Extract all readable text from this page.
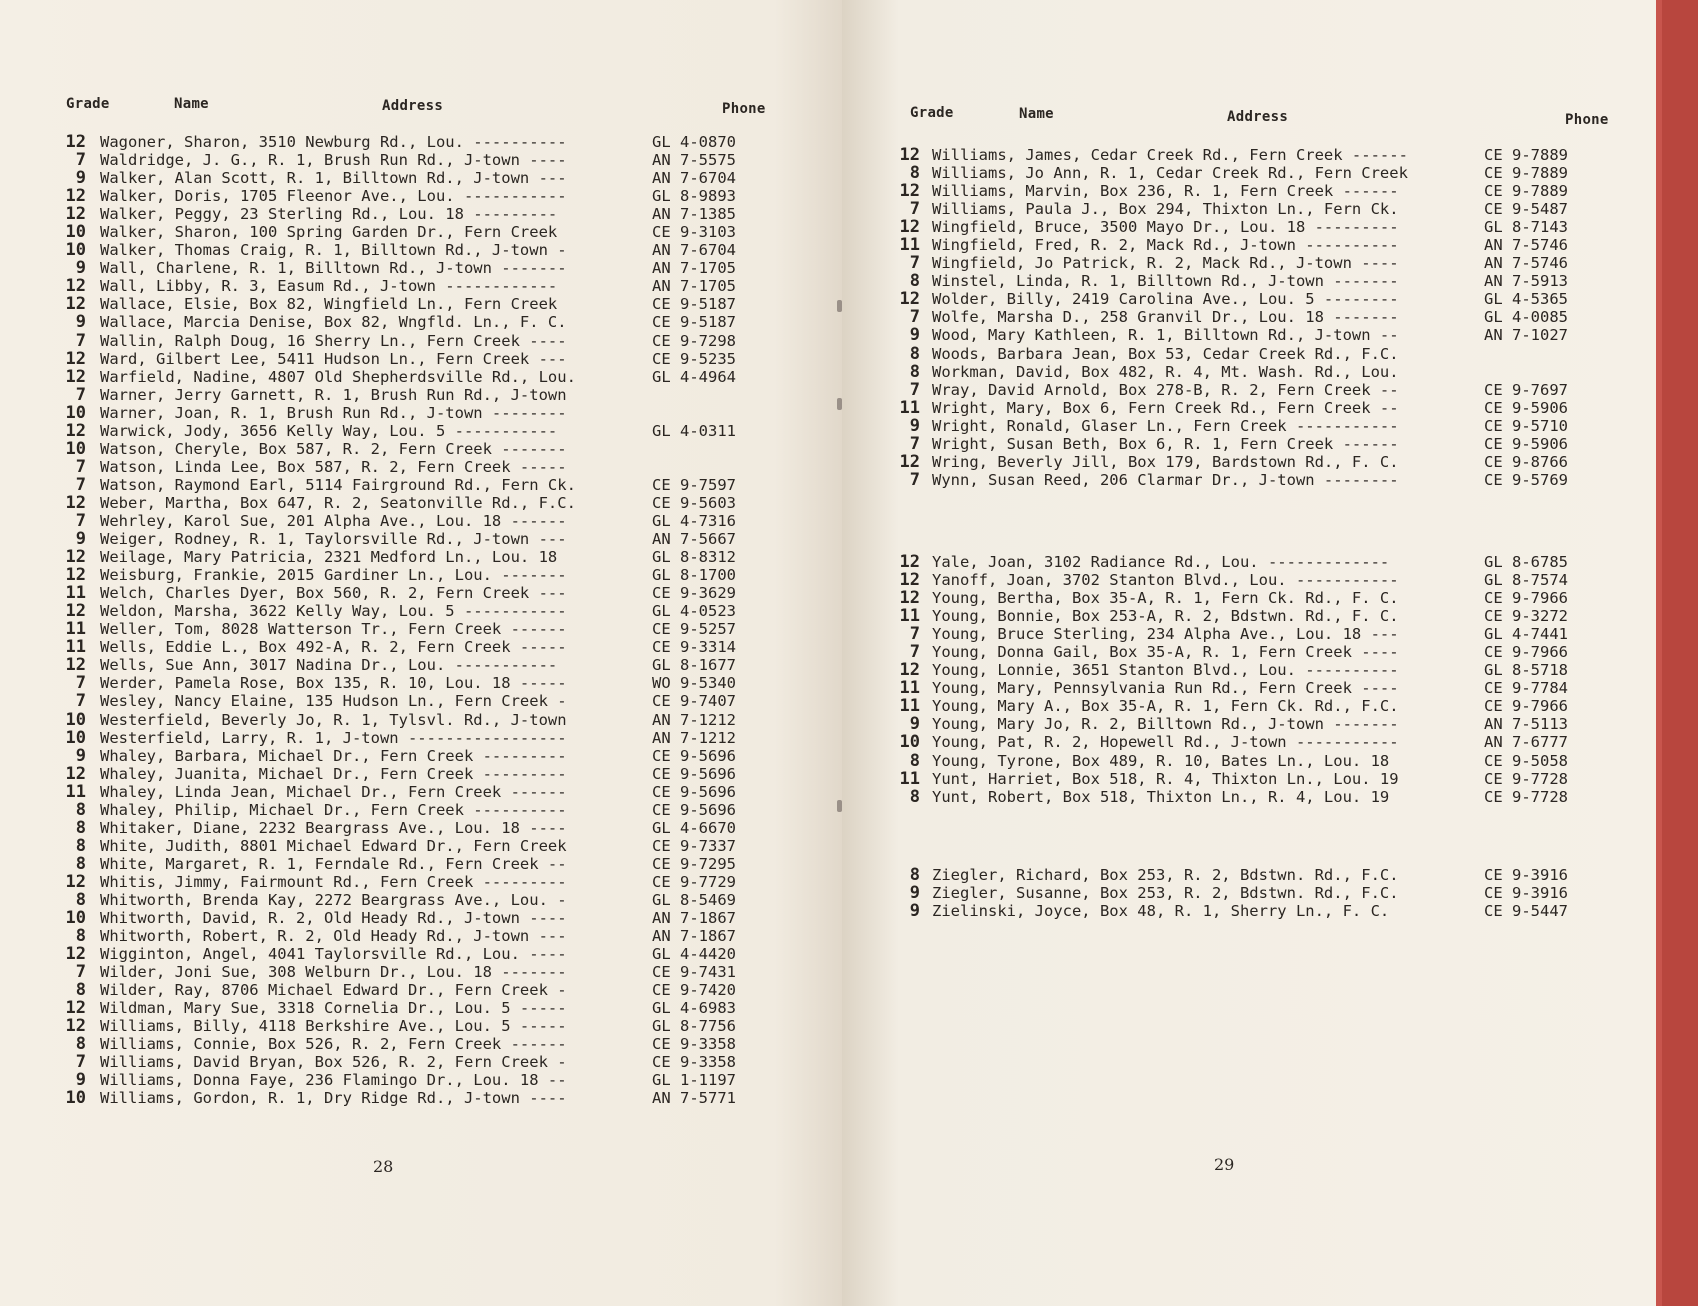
Grade	Name	Address	Phone
12 Wagoner, Sharon, 3510 Newburg Rd., Lou. ----------	GL 4-0870
7 Waldridge, J. G., R. 1, Brush Run Rd., J-town ----	AN 7-5575
9 Walker, Alan Scott, R. 1, Billtown Rd., J-town ---	AN 7-6704
12 Walker, Doris, 1705 Fleenor Ave., Lou. -----------	GL 8-9893
12 Walker, Peggy, 23 Sterling Rd., Lou. 18 ---------	AN 7-1385
10 Walker, Sharon, 100 Spring Garden Dr., Fern Creek	CE 9-3103
10 Walker, Thomas Craig, R. 1, Billtown Rd., J-town -	AN 7-6704
9 Wall, Charlene, R. 1, Billtown Rd., J-town -------	AN 7-1705
12 Wall, Libby, R. 3, Easum Rd., J-town ------------	AN 7-1705
12 Wallace, Elsie, Box 82, Wingfield Ln., Fern Creek	CE 9-5187
9 Wallace, Marcia Denise, Box 82, Wngfld. Ln., F. C.	CE 9-5187
7 Wallin, Ralph Doug, 16 Sherry Ln., Fern Creek ----	CE 9-7298
12 Ward, Gilbert Lee, 5411 Hudson Ln., Fern Creek ---	CE 9-5235
12 Warfield, Nadine, 4807 Old Shepherdsville Rd., Lou.	GL 4-4964
7 Warner, Jerry Garnett, R. 1, Brush Run Rd., J-town
10 Warner, Joan, R. 1, Brush Run Rd., J-town --------
12 Warwick, Jody, 3656 Kelly Way, Lou. 5 -----------	GL 4-0311
10 Watson, Cheryle, Box 587, R. 2, Fern Creek -------
7 Watson, Linda Lee, Box 587, R. 2, Fern Creek -----
7 Watson, Raymond Earl, 5114 Fairground Rd., Fern Ck.	CE 9-7597
12 Weber, Martha, Box 647, R. 2, Seatonville Rd., F.C.	CE 9-5603
7 Wehrley, Karol Sue, 201 Alpha Ave., Lou. 18 ------	GL 4-7316
9 Weiger, Rodney, R. 1, Taylorsville Rd., J-town ---	AN 7-5667
12 Weilage, Mary Patricia, 2321 Medford Ln., Lou. 18	GL 8-8312
12 Weisburg, Frankie, 2015 Gardiner Ln., Lou. -------	GL 8-1700
11 Welch, Charles Dyer, Box 560, R. 2, Fern Creek ---	CE 9-3629
12 Weldon, Marsha, 3622 Kelly Way, Lou. 5 -----------	GL 4-0523
11 Weller, Tom, 8028 Watterson Tr., Fern Creek ------	CE 9-5257
11 Wells, Eddie L., Box 492-A, R. 2, Fern Creek -----	CE 9-3314
12 Wells, Sue Ann, 3017 Nadina Dr., Lou. -----------	GL 8-1677
7 Werder, Pamela Rose, Box 135, R. 10, Lou. 18 -----	WO 9-5340
7 Wesley, Nancy Elaine, 135 Hudson Ln., Fern Creek -	CE 9-7407
10 Westerfield, Beverly Jo, R. 1, Tylsvl. Rd., J-town	AN 7-1212
10 Westerfield, Larry, R. 1, J-town -----------------	AN 7-1212
9 Whaley, Barbara, Michael Dr., Fern Creek ---------	CE 9-5696
12 Whaley, Juanita, Michael Dr., Fern Creek ---------	CE 9-5696
11 Whaley, Linda Jean, Michael Dr., Fern Creek ------	CE 9-5696
8 Whaley, Philip, Michael Dr., Fern Creek ----------	CE 9-5696
8 Whitaker, Diane, 2232 Beargrass Ave., Lou. 18 ----	GL 4-6670
8 White, Judith, 8801 Michael Edward Dr., Fern Creek	CE 9-7337
8 White, Margaret, R. 1, Ferndale Rd., Fern Creek --	CE 9-7295
12 Whitis, Jimmy, Fairmount Rd., Fern Creek ---------	CE 9-7729
8 Whitworth, Brenda Kay, 2272 Beargrass Ave., Lou. -	GL 8-5469
10 Whitworth, David, R. 2, Old Heady Rd., J-town ----	AN 7-1867
8 Whitworth, Robert, R. 2, Old Heady Rd., J-town ---	AN 7-1867
12 Wigginton, Angel, 4041 Taylorsville Rd., Lou. ----	GL 4-4420
7 Wilder, Joni Sue, 308 Welburn Dr., Lou. 18 -------	CE 9-7431
8 Wilder, Ray, 8706 Michael Edward Dr., Fern Creek -	CE 9-7420
12 Wildman, Mary Sue, 3318 Cornelia Dr., Lou. 5 -----	GL 4-6983
12 Williams, Billy, 4118 Berkshire Ave., Lou. 5 -----	GL 8-7756
8 Williams, Connie, Box 526, R. 2, Fern Creek ------	CE 9-3358
7 Williams, David Bryan, Box 526, R. 2, Fern Creek -	CE 9-3358
9 Williams, Donna Faye, 236 Flamingo Dr., Lou. 18 --	GL 1-1197
10 Williams, Gordon, R. 1, Dry Ridge Rd., J-town ----	AN 7-5771
28
Grade	Name	Address	Phone
12 Williams, James, Cedar Creek Rd., Fern Creek ------	CE 9-7889
8 Williams, Jo Ann, R. 1, Cedar Creek Rd., Fern Creek	CE 9-7889
12 Williams, Marvin, Box 236, R. 1, Fern Creek ------	CE 9-7889
7 Williams, Paula J., Box 294, Thixton Ln., Fern Ck.	CE 9-5487
12 Wingfield, Bruce, 3500 Mayo Dr., Lou. 18 ---------	GL 8-7143
11 Wingfield, Fred, R. 2, Mack Rd., J-town ----------	AN 7-5746
7 Wingfield, Jo Patrick, R. 2, Mack Rd., J-town ----	AN 7-5746
8 Winstel, Linda, R. 1, Billtown Rd., J-town -------	AN 7-5913
12 Wolder, Billy, 2419 Carolina Ave., Lou. 5 --------	GL 4-5365
7 Wolfe, Marsha D., 258 Granvil Dr., Lou. 18 -------	GL 4-0085
9 Wood, Mary Kathleen, R. 1, Billtown Rd., J-town --	AN 7-1027
8 Woods, Barbara Jean, Box 53, Cedar Creek Rd., F.C.
8 Workman, David, Box 482, R. 4, Mt. Wash. Rd., Lou.
7 Wray, David Arnold, Box 278-B, R. 2, Fern Creek --	CE 9-7697
11 Wright, Mary, Box 6, Fern Creek Rd., Fern Creek --	CE 9-5906
9 Wright, Ronald, Glaser Ln., Fern Creek -----------	CE 9-5710
7 Wright, Susan Beth, Box 6, R. 1, Fern Creek ------	CE 9-5906
12 Wring, Beverly Jill, Box 179, Bardstown Rd., F. C.	CE 9-8766
7 Wynn, Susan Reed, 206 Clarmar Dr., J-town --------	CE 9-5769
12 Yale, Joan, 3102 Radiance Rd., Lou. -------------	GL 8-6785
12 Yanoff, Joan, 3702 Stanton Blvd., Lou. -----------	GL 8-7574
12 Young, Bertha, Box 35-A, R. 1, Fern Ck. Rd., F. C.	CE 9-7966
11 Young, Bonnie, Box 253-A, R. 2, Bdstwn. Rd., F. C.	CE 9-3272
7 Young, Bruce Sterling, 234 Alpha Ave., Lou. 18 ---	GL 4-7441
7 Young, Donna Gail, Box 35-A, R. 1, Fern Creek ----	CE 9-7966
12 Young, Lonnie, 3651 Stanton Blvd., Lou. ----------	GL 8-5718
11 Young, Mary, Pennsylvania Run Rd., Fern Creek ----	CE 9-7784
11 Young, Mary A., Box 35-A, R. 1, Fern Ck. Rd., F.C.	CE 9-7966
9 Young, Mary Jo, R. 2, Billtown Rd., J-town -------	AN 7-5113
10 Young, Pat, R. 2, Hopewell Rd., J-town -----------	AN 7-6777
8 Young, Tyrone, Box 489, R. 10, Bates Ln., Lou. 18	CE 9-5058
11 Yunt, Harriet, Box 518, R. 4, Thixton Ln., Lou. 19	CE 9-7728
8 Yunt, Robert, Box 518, Thixton Ln., R. 4, Lou. 19	CE 9-7728
8 Ziegler, Richard, Box 253, R. 2, Bdstwn. Rd., F.C.	CE 9-3916
9 Ziegler, Susanne, Box 253, R. 2, Bdstwn. Rd., F.C.	CE 9-3916
9 Zielinski, Joyce, Box 48, R. 1, Sherry Ln., F. C.	CE 9-5447
29
